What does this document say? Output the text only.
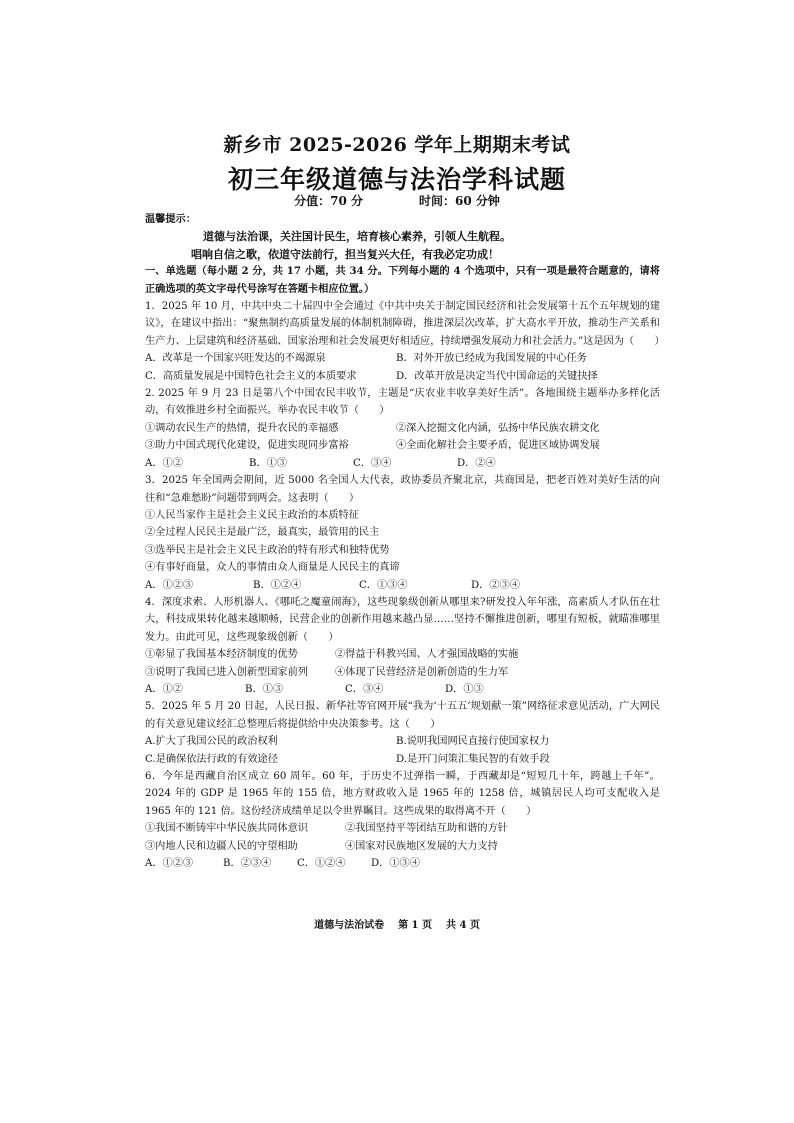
新乡市 2025-2026 学年上期期末考试
初三年级道德与法治学科试题
分值：70 分	时间：60 分钟
温馨提示：
道德与法治课，关注国计民生，培育核心素养，引领人生航程。
唱响自信之歌，依道守法前行，担当复兴大任，有我必定功成！
一、单选题（每小题 2 分，共 17 小题，共 34 分。下列每小题的 4 个选项中，只有一项是最符合题意的，请将正确选项的英文字母代号涂写在答题卡相应位置。）
1．2025 年 10 月，中共中央二十届四中全会通过《中共中央关于制定国民经济和社会发展第十五个五年规划的建议》，在建议中指出：“聚焦制约高质量发展的体制机制障碍，推进深层次改革，扩大高水平开放，推动生产关系和生产力、上层建筑和经济基础、国家治理和社会发展更好相适应，持续增强发展动力和社会活力。”这是因为（　　）
A．改革是一个国家兴旺发达的不竭源泉	B．对外开放已经成为我国发展的中心任务
C．高质量发展是中国特色社会主义的本质要求	D．改革开放是决定当代中国命运的关键抉择
2. 2025 年 9 月 23 日是第八个中国农民丰收节，主题是“庆农业丰收享美好生活”。各地围绕主题举办多样化活动，有效推进乡村全面振兴。举办农民丰收节（　　）
①调动农民生产的热情，提升农民的幸福感	②深入挖掘文化内涵，弘扬中华民族农耕文化
③助力中国式现代化建设，促进实现同步富裕	④全面化解社会主要矛盾，促进区域协调发展
A．①②	B．①③	C．③④	D．②④
3．2025 年全国两会期间，近 5000 名全国人大代表，政协委员齐聚北京，共商国是，把老百姓对美好生活的向往和“急难愁盼”问题带到两会。这表明（　　）
①人民当家作主是社会主义民主政治的本质特征
②全过程人民民主是最广泛，最真实，最管用的民主
③选举民主是社会主义民主政治的特有形式和独特优势
④有事好商量，众人的事情由众人商量是人民民主的真谛
A．①②③	B．①②④	C．①③④	D．②③④
4．深度求索、人形机器人、《哪吒之魔童闹海》，这些现象级创新从哪里来?研发投入年年涨，高素质人才队伍在壮大，科技成果转化越来越顺畅，民营企业的创新作用越来越凸显……坚持不懈推进创新，哪里有短板，就瞄准哪里发力。由此可见，这些现象级创新（　　）
①彰显了我国基本经济制度的优势	②得益于科教兴国、人才强国战略的实施
③说明了我国已进入创新型国家前列	④体现了民营经济是创新创造的生力军
A．①②	B．①③	C．③④	D．①③
5．2025 年 5 月 20 日起，人民日报、新华社等官网开展“我为‘十五五’规划献一策”网络征求意见活动，广大网民的有关意见建议经汇总整理后将提供给中央决策参考。这（　　）
A.扩大了我国公民的政治权利	B.说明我国网民直接行使国家权力
C.是确保依法行政的有效途径	D.是开门问策汇集民智的有效手段
6．今年是西藏自治区成立 60 周年。60 年，于历史不过弹指一瞬，于西藏却是“短短几十年，跨越上千年”。2024 年的 GDP 是 1965 年的 155 倍，地方财政收入是 1965 年的 1258 倍，城镇居民人均可支配收入是 1965 年的 121 倍。这份经济成绩单足以令世界瞩目。这些成果的取得离不开（　　）
①我国不断铸牢中华民族共同体意识	②我国坚持平等团结互助和谐的方针
③内地人民和边疆人民的守望相助	④国家对民族地区发展的大力支持
A．①②③	B．②③④	C．①②④	D．①③④
道德与法治试卷 第 1 页 共 4 页
